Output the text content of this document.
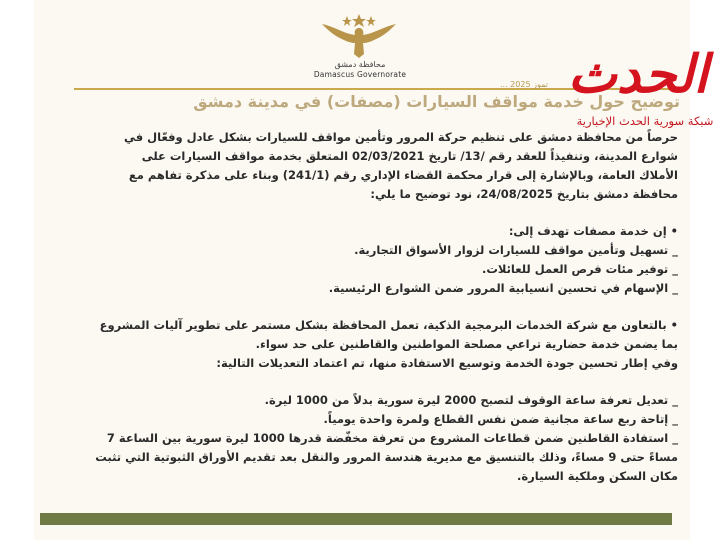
محافظة دمشق
Damascus Governorate
تموز 2025 ...
توضيح حول خدمة مواقف السيارات (مصفات) في مدينة دمشق
الحدث
شبكة سورية الحدث الإخبارية

حرصاً من محافظة دمشق على تنظيم حركة المرور وتأمين مواقف للسيارات بشكل عادل وفعّال في

شوارع المدينة، وتنفيذاً للعقد رقم /13/ تاريخ 02/03/2021 المتعلق بخدمة مواقف السيارات على

الأملاك العامة، وبالإشارة إلى قرار محكمة القضاء الإداري رقم (241/1) وبناء على مذكرة تفاهم مع

محافظة دمشق بتاريخ 24/08/2025، نود توضيح ما يلي:

• إن خدمة مصفات تهدف إلى:

_ تسهيل وتأمين مواقف للسيارات لزوار الأسواق التجارية.

_ توفير مئات فرص العمل للعائلات.

_ الإسهام في تحسين انسيابية المرور ضمن الشوارع الرئيسية.

• بالتعاون مع شركة الخدمات البرمجية الذكية، تعمل المحافظة بشكل مستمر على تطوير آليات المشروع

بما يضمن خدمة حضارية تراعي مصلحة المواطنين والقاطنين على حد سواء.

وفي إطار تحسين جودة الخدمة وتوسيع الاستفادة منها، تم اعتماد التعديلات التالية:

_ تعديل تعرفة ساعة الوقوف لتصبح 2000 ليرة سورية بدلاً من 1000 ليرة.

_ إتاحة ربع ساعة مجانية ضمن نفس القطاع ولمرة واحدة يومياً.

_ استفادة القاطنين ضمن قطاعات المشروع من تعرفة مخفّضة قدرها 1000 ليرة سورية بين الساعة 7

مساءً حتى 9 مساءً، وذلك بالتنسيق مع مديرية هندسة المرور والنقل بعد تقديم الأوراق الثبوتية التي تثبت

مكان السكن وملكية السيارة.
